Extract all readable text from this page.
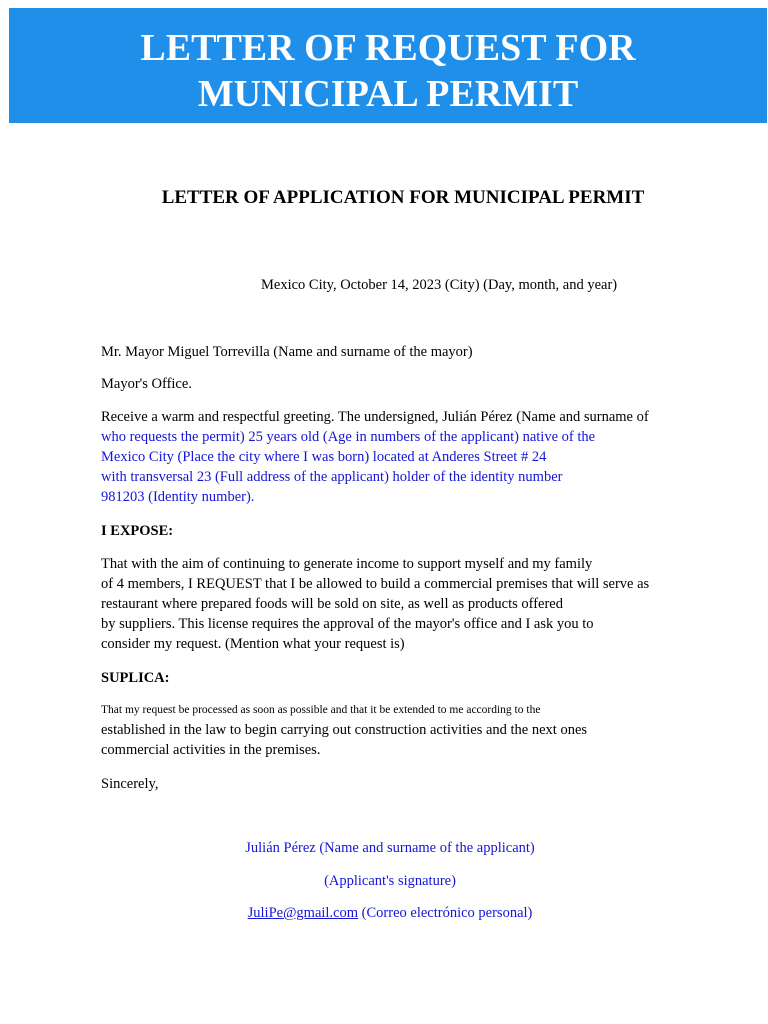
LETTER OF REQUEST FOR
MUNICIPAL PERMIT
LETTER OF APPLICATION FOR MUNICIPAL PERMIT
Mexico City, October 14, 2023 (City) (Day, month, and year)
Mr. Mayor Miguel Torrevilla (Name and surname of the mayor)
Mayor's Office.
Receive a warm and respectful greeting. The undersigned, Julián Pérez (Name and surname of
who requests the permit) 25 years old (Age in numbers of the applicant) native of the
Mexico City (Place the city where I was born) located at Anderes Street # 24
with transversal 23 (Full address of the applicant) holder of the identity number
981203 (Identity number).
I EXPOSE:
That with the aim of continuing to generate income to support myself and my family
of 4 members, I REQUEST that I be allowed to build a commercial premises that will serve as
restaurant where prepared foods will be sold on site, as well as products offered
by suppliers. This license requires the approval of the mayor's office and I ask you to
consider my request. (Mention what your request is)
SUPLICA:
That my request be processed as soon as possible and that it be extended to me according to the
established in the law to begin carrying out construction activities and the next ones
commercial activities in the premises.
Sincerely,
Julián Pérez (Name and surname of the applicant)
(Applicant's signature)
JuliPe@gmail.com (Correo electrónico personal)
